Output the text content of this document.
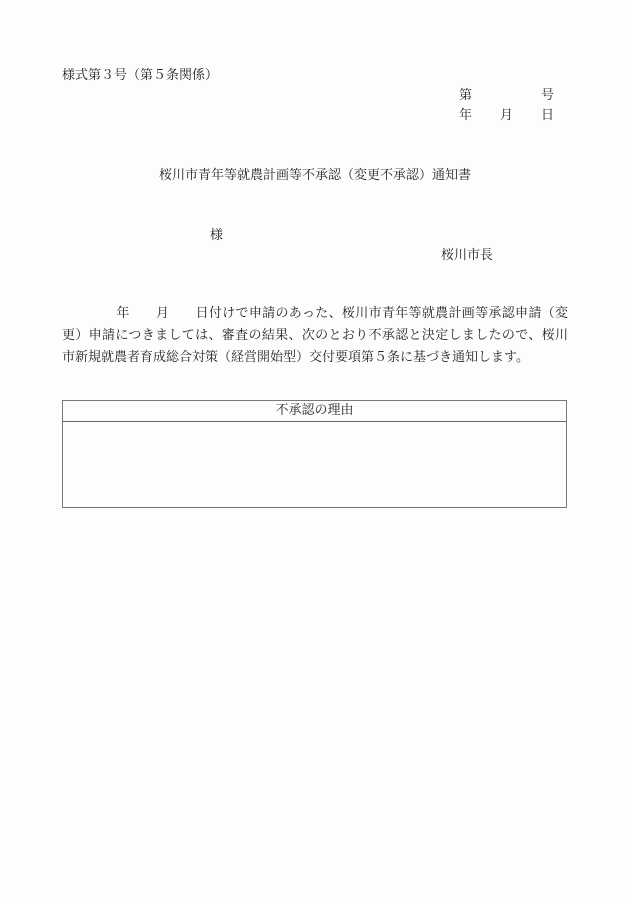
様式第３号（第５条関係）
第	号
年 月 日
桜川市青年等就農計画等不承認（変更不承認）通知書
様
桜川市長
年 月 日付けで申請のあった、桜川市青年等就農計画等承認申請（変更）申請につきましては、審査の結果、次のとおり不承認と決定しましたので、桜川市新規就農者育成総合対策（経営開始型）交付要項第５条に基づき通知します。
不承認の理由
